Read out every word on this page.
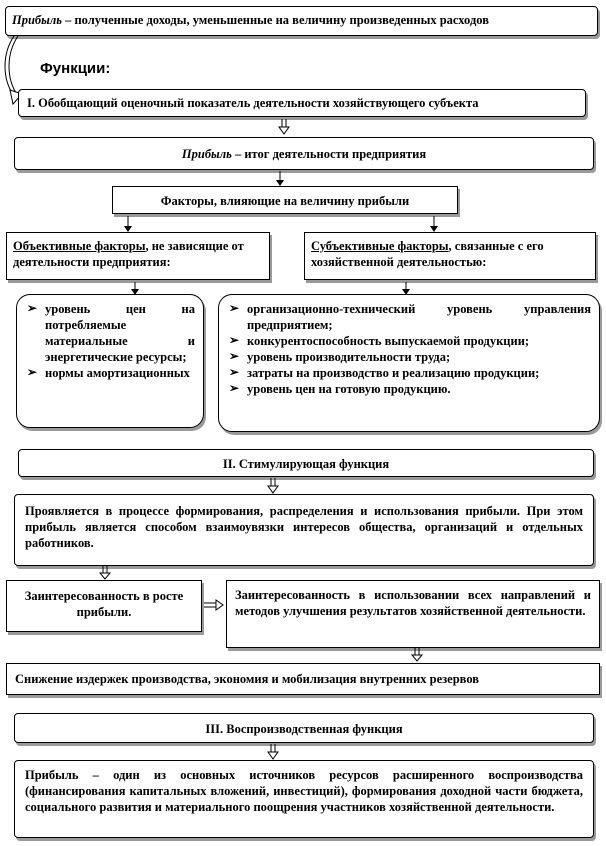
Прибыль – полученные доходы, уменьшенные на величину произведенных расходов
Функции:
I. Обобщающий оценочный показатель деятельности хозяйствующего субъекта
Прибыль – итог деятельности предприятия
Факторы, влияющие на величину прибыли
Объективные факторы, не зависящие от деятельности предприятия:
Субъективные факторы, связанные с его хозяйственной деятельностью:
➢ уровень цен на потребляемые материальные и энергетические ресурсы;
➢ нормы амортизационных
➢ организационно-технический уровень управления предприятием;
➢ конкурентоспособность выпускаемой продукции;
➢ уровень производительности труда;
➢ затраты на производство и реализацию продукции;
➢ уровень цен на готовую продукцию.
II. Стимулирующая функция
Проявляется в процессе формирования, распределения и использования прибыли. При этом прибыль является способом взаимоувязки интересов общества, организаций и отдельных работников.
Заинтересованность в росте прибыли.
Заинтересованность в использовании всех направлений и методов улучшения результатов хозяйственной деятельности.
Снижение издержек производства, экономия и мобилизация внутренних резервов
III. Воспроизводственная функция
Прибыль – один из основных источников ресурсов расширенного воспроизводства (финансирования капитальных вложений, инвестиций), формирования доходной части бюджета, социального развития и материального поощрения участников хозяйственной деятельности.
